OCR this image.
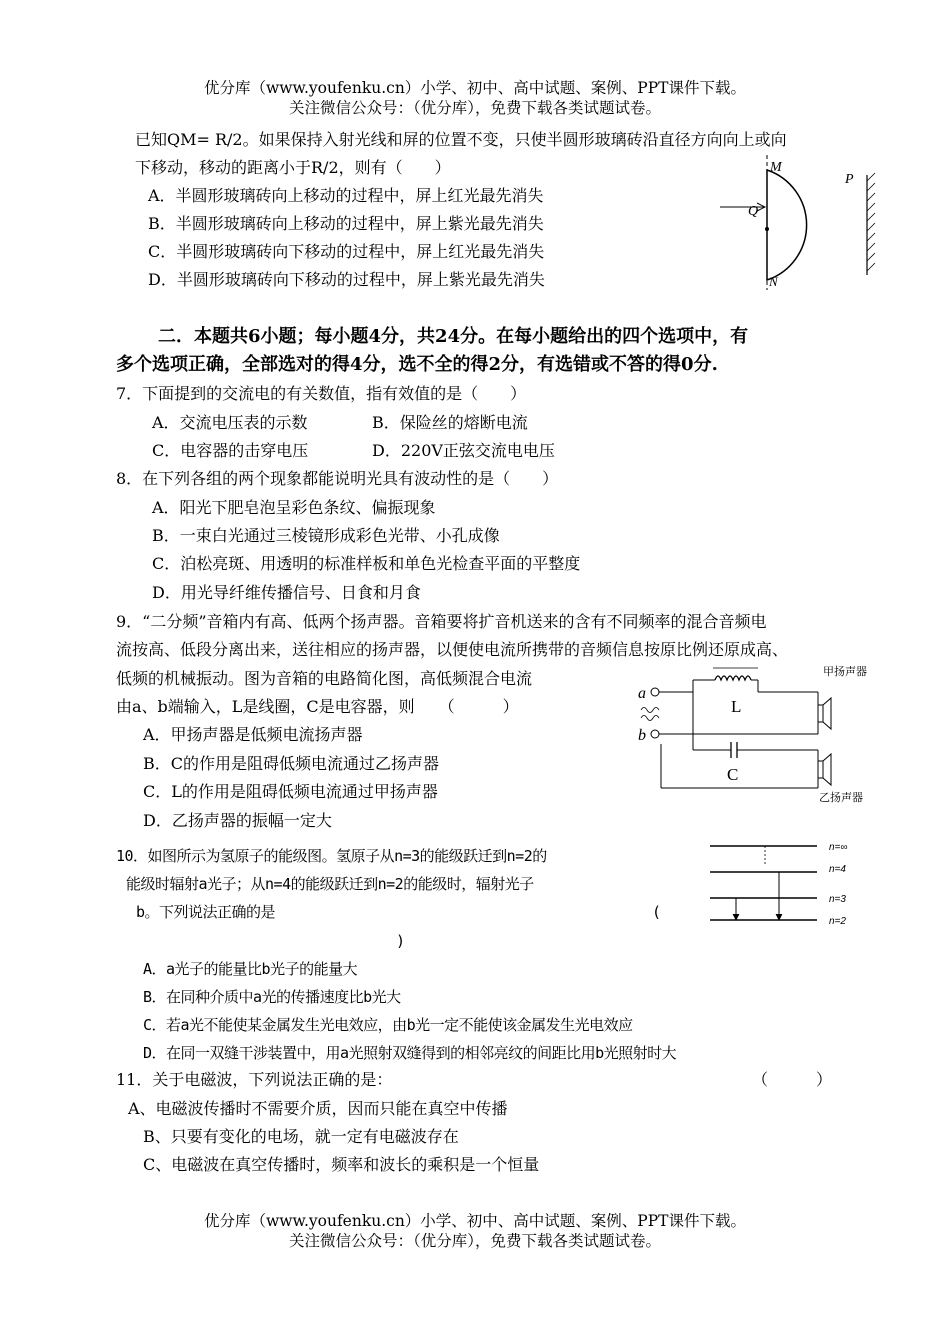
优分库（www.youfenku.cn）小学、初中、高中试题、案例、PPT课件下载。
关注微信公众号：（优分库），免费下载各类试题试卷。
已知QM= R/2。如果保持入射光线和屏的位置不变，只使半圆形玻璃砖沿直径方向向上或向
下移动，移动的距离小于R/2，则有（　　）
A．半圆形玻璃砖向上移动的过程中，屏上红光最先消失
B．半圆形玻璃砖向上移动的过程中，屏上紫光最先消失
C．半圆形玻璃砖向下移动的过程中，屏上红光最先消失
D．半圆形玻璃砖向下移动的过程中，屏上紫光最先消失
M
P
Q
N
二．本题共6小题；每小题4分，共24分。在每小题给出的四个选项中，有
多个选项正确，全部选对的得4分，选不全的得2分，有选错或不答的得0分.
7．下面提到的交流电的有关数值，指有效值的是（　　）
A．交流电压表的示数	B．保险丝的熔断电流
C．电容器的击穿电压	D．220V正弦交流电电压
8．在下列各组的两个现象都能说明光具有波动性的是（　　）
A．阳光下肥皂泡呈彩色条纹、偏振现象
B．一束白光通过三棱镜形成彩色光带、小孔成像
C．泊松亮斑、用透明的标准样板和单色光检查平面的平整度
D．用光导纤维传播信号、日食和月食
9．“二分频”音箱内有高、低两个扬声器。音箱要将扩音机送来的含有不同频率的混合音频电
流按高、低段分离出来，送往相应的扬声器，以便使电流所携带的音频信息按原比例还原成高、
低频的机械振动。图为音箱的电路简化图，高低频混合电流
由a、b端输入，L是线圈，C是电容器，则　　（　　　）
A．甲扬声器是低频电流扬声器
B．C的作用是阻碍低频电流通过乙扬声器
C．L的作用是阻碍低频电流通过甲扬声器
D．乙扬声器的振幅一定大
甲扬声器
乙扬声器
a
b
L
C
10．如图所示为氢原子的能级图。氢原子从n=3的能级跃迁到n=2的
能级时辐射a光子；从n=4的能级跃迁到n=2的能级时，辐射光子
b。下列说法正确的是	(
)
A．a光子的能量比b光子的能量大
B．在同种介质中a光的传播速度比b光大
C．若a光不能使某金属发生光电效应，由b光一定不能使该金属发生光电效应
D．在同一双缝干涉装置中，用a光照射双缝得到的相邻亮纹的间距比用b光照射时大
n=∞
n=4
n=3
n=2
11．关于电磁波，下列说法正确的是：	（　　　）
A、电磁波传播时不需要介质，因而只能在真空中传播
B、只要有变化的电场，就一定有电磁波存在
C、电磁波在真空传播时，频率和波长的乘积是一个恒量
优分库（www.youfenku.cn）小学、初中、高中试题、案例、PPT课件下载。
关注微信公众号：（优分库），免费下载各类试题试卷。
